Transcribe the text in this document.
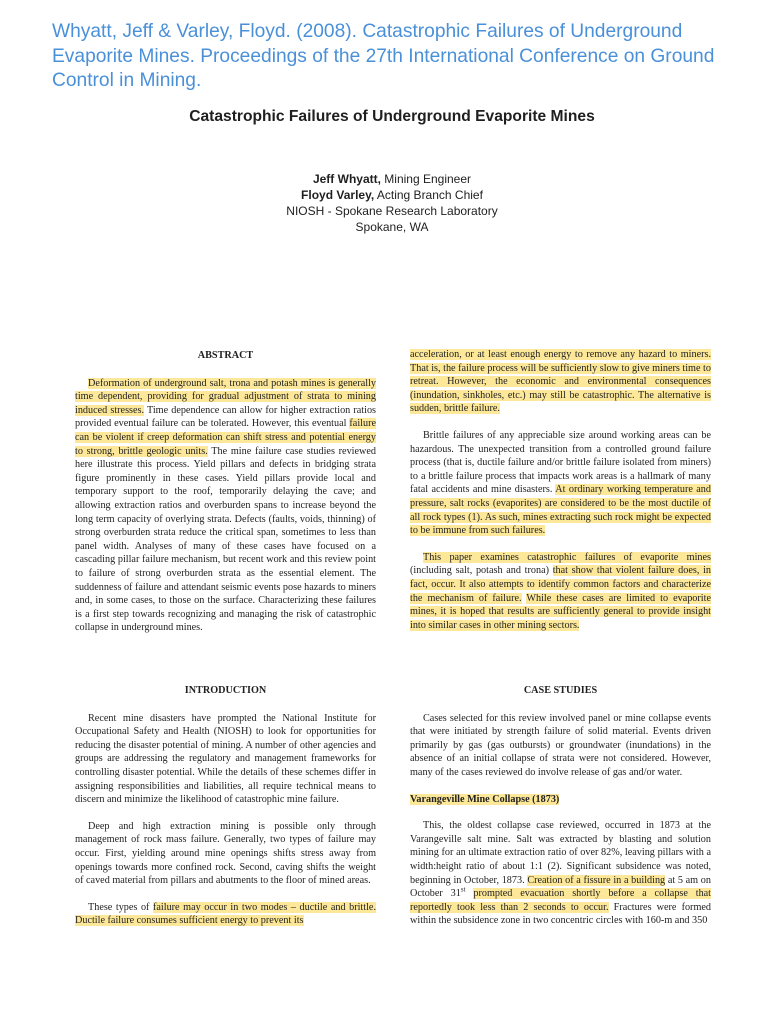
Whyatt, Jeff & Varley, Floyd. (2008). Catastrophic Failures of Underground Evaporite Mines. Proceedings of the 27th International Conference on Ground Control in Mining.

Catastrophic Failures of Underground Evaporite Mines
Jeff Whyatt, Mining Engineer
Floyd Varley, Acting Branch Chief
NIOSH - Spokane Research Laboratory
Spokane, WA
ABSTRACT

Deformation of underground salt, trona and potash mines is generally time dependent, providing for gradual adjustment of strata to mining induced stresses. Time dependence can allow for higher extraction ratios provided eventual failure can be tolerated. However, this eventual failure can be violent if creep deformation can shift stress and potential energy to strong, brittle geologic units. The mine failure case studies reviewed here illustrate this process. Yield pillars and defects in bridging strata figure prominently in these cases. Yield pillars provide local and temporary support to the roof, temporarily delaying the cave; and allowing extraction ratios and overburden spans to increase beyond the long term capacity of overlying strata. Defects (faults, voids, thinning) of strong overburden strata reduce the critical span, sometimes to less than panel width. Analyses of many of these cases have focused on a cascading pillar failure mechanism, but recent work and this review point to failure of strong overburden strata as the essential element. The suddenness of failure and attendant seismic events pose hazards to miners and, in some cases, to those on the surface. Characterizing these failures is a first step towards recognizing and managing the risk of catastrophic collapse in underground mines.

INTRODUCTION

Recent mine disasters have prompted the National Institute for Occupational Safety and Health (NIOSH) to look for opportunities for reducing the disaster potential of mining. A number of other agencies and groups are addressing the regulatory and management frameworks for controlling disaster potential. While the details of these schemes differ in assigning responsibilities and liabilities, all require technical means to discern and minimize the likelihood of catastrophic mine failure.

Deep and high extraction mining is possible only through management of rock mass failure. Generally, two types of failure may occur. First, yielding around mine openings shifts stress away from openings towards more confined rock. Second, caving shifts the weight of caved material from pillars and abutments to the floor of mined areas.

These types of failure may occur in two modes – ductile and brittle. Ductile failure consumes sufficient energy to prevent its

acceleration, or at least enough energy to remove any hazard to miners. That is, the failure process will be sufficiently slow to give miners time to retreat. However, the economic and environmental consequences (inundation, sinkholes, etc.) may still be catastrophic. The alternative is sudden, brittle failure.

Brittle failures of any appreciable size around working areas can be hazardous. The unexpected transition from a controlled ground failure process (that is, ductile failure and/or brittle failure isolated from miners) to a brittle failure process that impacts work areas is a hallmark of many fatal accidents and mine disasters. At ordinary working temperature and pressure, salt rocks (evaporites) are considered to be the most ductile of all rock types (1). As such, mines extracting such rock might be expected to be immune from such failures.

This paper examines catastrophic failures of evaporite mines (including salt, potash and trona) that show that violent failure does, in fact, occur. It also attempts to identify common factors and characterize the mechanism of failure. While these cases are limited to evaporite mines, it is hoped that results are sufficiently general to provide insight into similar cases in other mining sectors.

CASE STUDIES

Cases selected for this review involved panel or mine collapse events that were initiated by strength failure of solid material. Events driven primarily by gas (gas outbursts) or groundwater (inundations) in the absence of an initial collapse of strata were not considered. However, many of the cases reviewed do involve release of gas and/or water.

Varangeville Mine Collapse (1873)

This, the oldest collapse case reviewed, occurred in 1873 at the Varangeville salt mine. Salt was extracted by blasting and solution mining for an ultimate extraction ratio of over 82%, leaving pillars with a width:height ratio of about 1:1 (2). Significant subsidence was noted, beginning in October, 1873. Creation of a fissure in a building at 5 am on October 31st prompted evacuation shortly before a collapse that reportedly took less than 2 seconds to occur. Fractures were formed within the subsidence zone in two concentric circles with 160-m and 350
